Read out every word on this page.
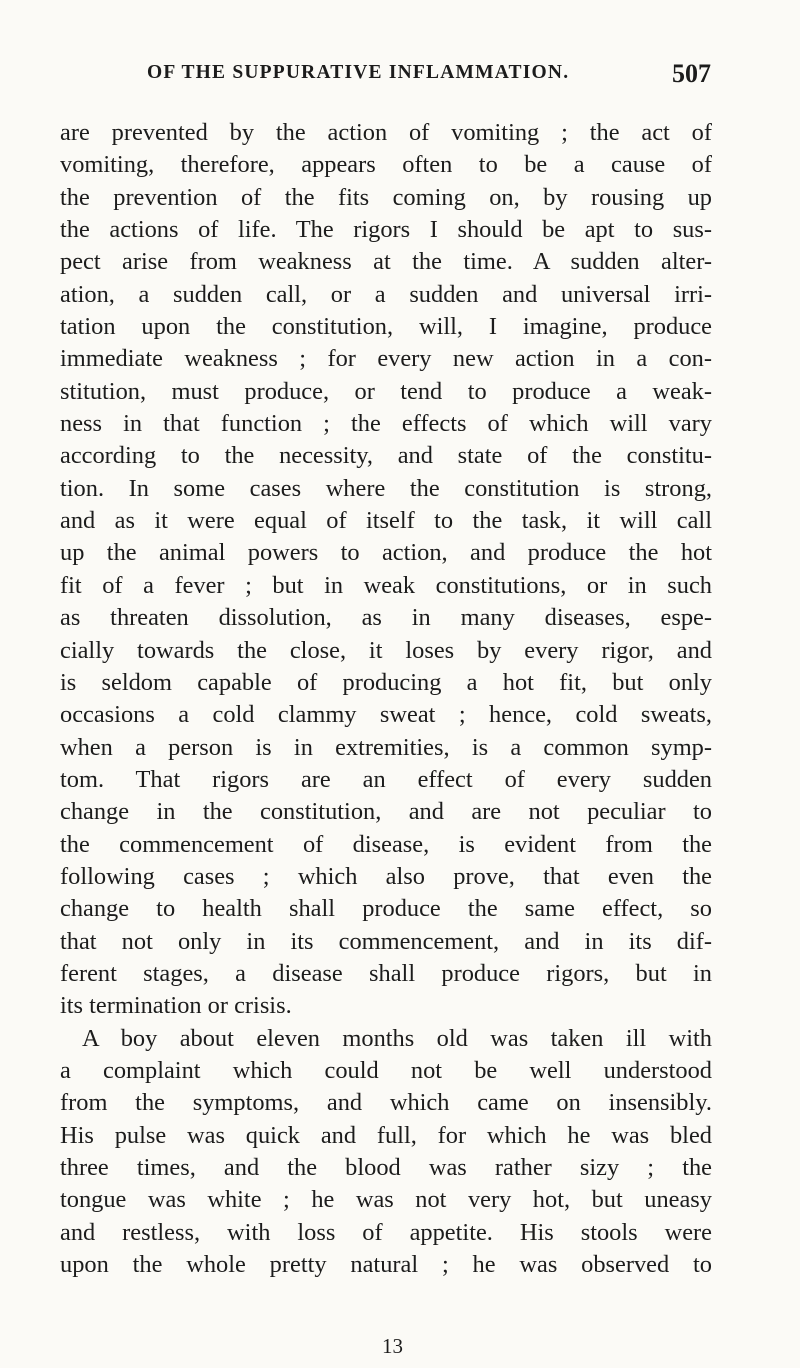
OF THE SUPPURATIVE INFLAMMATION.	507
are prevented by the action of vomiting ; the act of
vomiting, therefore, appears often to be a cause of
the prevention of the fits coming on, by rousing up
the actions of life. The rigors I should be apt to sus-
pect arise from weakness at the time. A sudden alter-
ation, a sudden call, or a sudden and universal irri-
tation upon the constitution, will, I imagine, produce
immediate weakness ; for every new action in a con-
stitution, must produce, or tend to produce a weak-
ness in that function ; the effects of which will vary
according to the necessity, and state of the constitu-
tion. In some cases where the constitution is strong,
and as it were equal of itself to the task, it will call
up the animal powers to action, and produce the hot
fit of a fever ; but in weak constitutions, or in such
as threaten dissolution, as in many diseases, espe-
cially towards the close, it loses by every rigor, and
is seldom capable of producing a hot fit, but only
occasions a cold clammy sweat ; hence, cold sweats,
when a person is in extremities, is a common symp-
tom. That rigors are an effect of every sudden
change in the constitution, and are not peculiar to
the commencement of disease, is evident from the
following cases ; which also prove, that even the
change to health shall produce the same effect, so
that not only in its commencement, and in its dif-
ferent stages, a disease shall produce rigors, but in
its termination or crisis.
A boy about eleven months old was taken ill with
a complaint which could not be well understood
from the symptoms, and which came on insensibly.
His pulse was quick and full, for which he was bled
three times, and the blood was rather sizy ; the
tongue was white ; he was not very hot, but uneasy
and restless, with loss of appetite. His stools were
upon the whole pretty natural ; he was observed to
13
